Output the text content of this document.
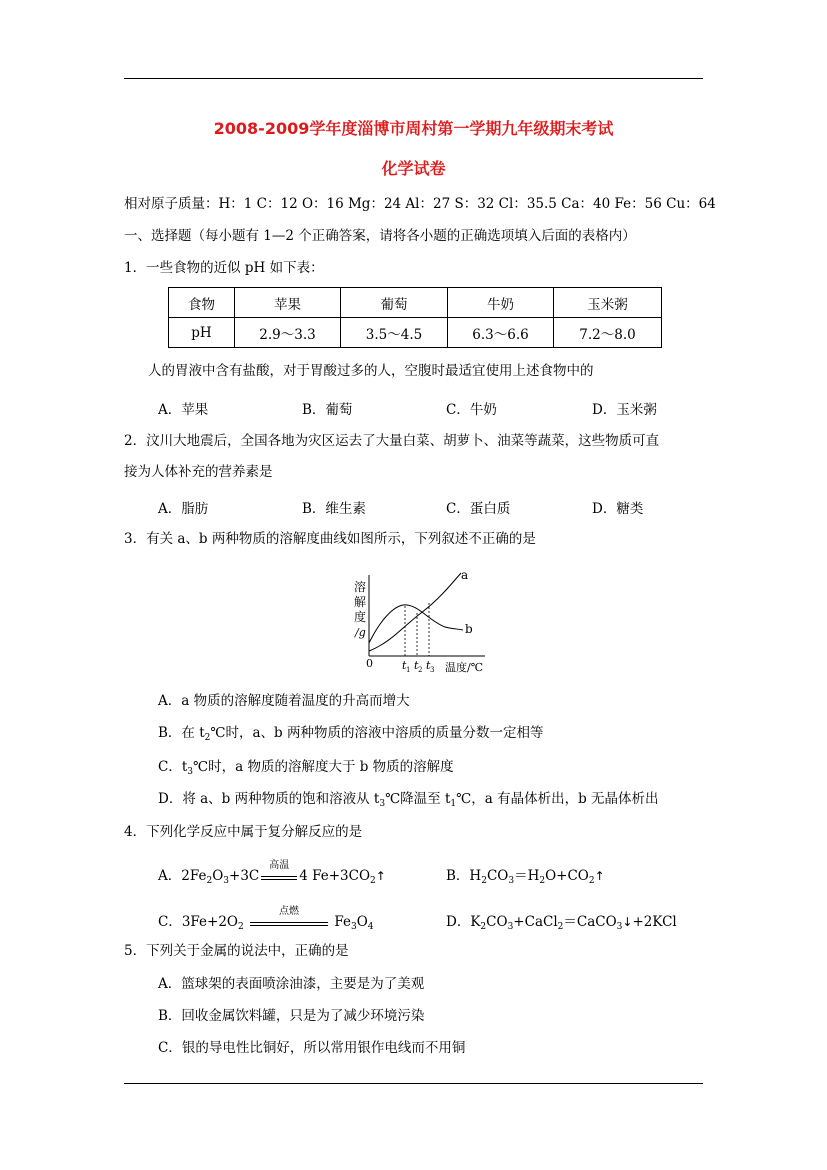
2008-2009学年度淄博市周村第一学期九年级期末考试
化学试卷
相对原子质量：H：1 C：12 O：16 Mg：24 Al：27 S：32 Cl：35.5 Ca：40 Fe：56 Cu：64
一、选择题（每小题有 1—2 个正确答案，请将各小题的正确选项填入后面的表格内）
1．一些食物的近似 pH 如下表：
食物	苹果	葡萄	牛奶	玉米粥
pH	2.9～3.3	3.5～4.5	6.3～6.6	7.2～8.0
人的胃液中含有盐酸，对于胃酸过多的人，空腹时最适宜使用上述食物中的
A．苹果	B．葡萄	C．牛奶	D．玉米粥
2．汶川大地震后，全国各地为灾区运去了大量白菜、胡萝卜、油菜等蔬菜，这些物质可直
接为人体补充的营养素是
A．脂肪	B．维生素	C．蛋白质	D．糖类
3．有关 a、b 两种物质的溶解度曲线如图所示，下列叙述不正确的是
溶
解
度
/g
0
a
b
t 1 t 2 t 3 温度/℃
A．a 物质的溶解度随着温度的升高而增大
B．在 $t_2℃$时，a、b 两种物质的溶液中溶质的质量分数一定相等
C．$t_3℃$时，a 物质的溶解度大于 b 物质的溶解度
D．将 a、b 两种物质的饱和溶液从 $t_3℃$降温至 $t_1℃$，a 有晶体析出，b 无晶体析出
4．下列化学反应中属于复分解反应的是
A．$2Fe_2O_3+3C$
高温
4 $Fe+3CO_2↑$	B．$H_2CO_3=H_2O+CO_2↑$
C．$3Fe+2O_2$
点燃
$Fe_3O_4$	D．$K_2CO_3+CaCl_2=CaCO_3↓+2KCl$
5．下列关于金属的说法中，正确的是
A．篮球架的表面喷涂油漆，主要是为了美观
B．回收金属饮料罐，只是为了减少环境污染
C．银的导电性比铜好，所以常用银作电线而不用铜
